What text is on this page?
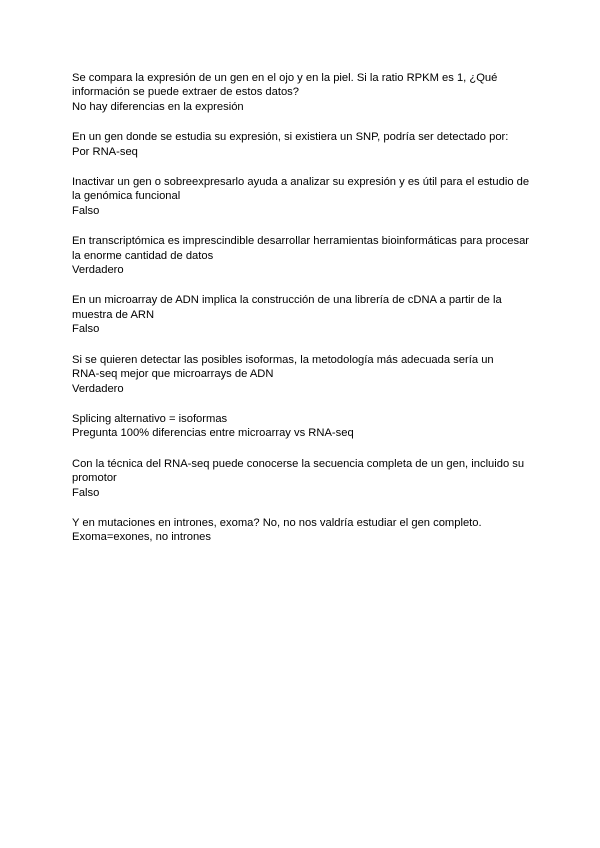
Se compara la expresión de un gen en el ojo y en la piel. Si la ratio RPKM es 1, ¿Qué
información se puede extraer de estos datos?
No hay diferencias en la expresión
En un gen donde se estudia su expresión, si existiera un SNP, podría ser detectado por:
Por RNA-seq
Inactivar un gen o sobreexpresarlo ayuda a analizar su expresión y es útil para el estudio de
la genómica funcional
Falso
En transcriptómica es imprescindible desarrollar herramientas bioinformáticas para procesar
la enorme cantidad de datos
Verdadero
En un microarray de ADN implica la construcción de una librería de cDNA a partir de la
muestra de ARN
Falso
Si se quieren detectar las posibles isoformas, la metodología más adecuada sería un
RNA-seq mejor que microarrays de ADN
Verdadero
Splicing alternativo = isoformas
Pregunta 100% diferencias entre microarray vs RNA-seq
Con la técnica del RNA-seq puede conocerse la secuencia completa de un gen, incluido su
promotor
Falso
Y en mutaciones en intrones, exoma? No, no nos valdría estudiar el gen completo.
Exoma=exones, no intrones
